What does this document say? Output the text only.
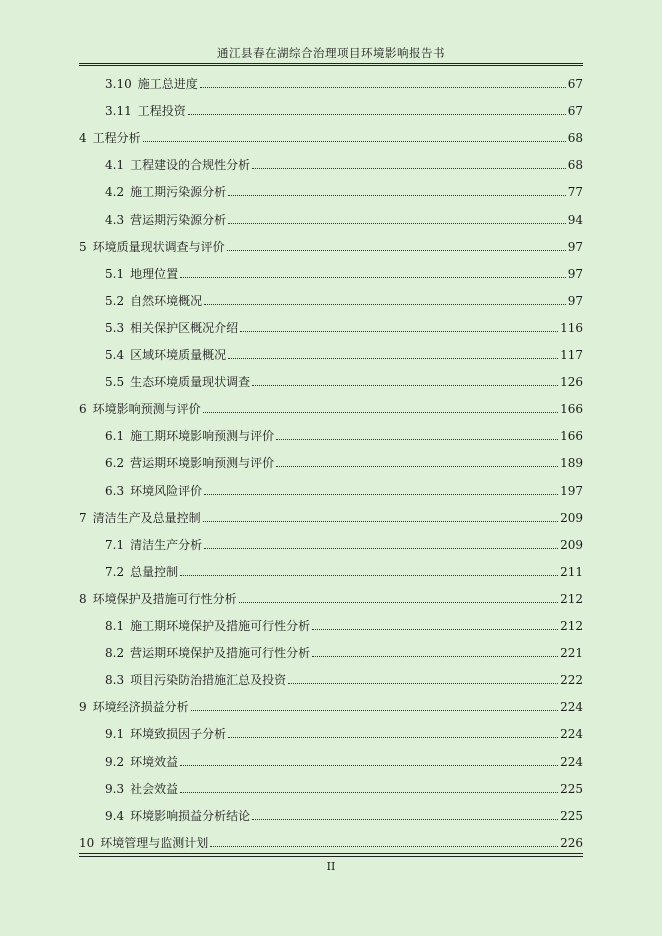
通江县春在湖综合治理项目环境影响报告书
3.10 施工总进度	67
3.11 工程投资	67
4 工程分析	68
4.1 工程建设的合规性分析	68
4.2 施工期污染源分析	77
4.3 营运期污染源分析	94
5 环境质量现状调查与评价	97
5.1 地理位置	97
5.2 自然环境概况	97
5.3 相关保护区概况介绍	116
5.4 区域环境质量概况	117
5.5 生态环境质量现状调查	126
6 环境影响预测与评价	166
6.1 施工期环境影响预测与评价	166
6.2 营运期环境影响预测与评价	189
6.3 环境风险评价	197
7 清洁生产及总量控制	209
7.1 清洁生产分析	209
7.2 总量控制	211
8 环境保护及措施可行性分析	212
8.1 施工期环境保护及措施可行性分析	212
8.2 营运期环境保护及措施可行性分析	221
8.3 项目污染防治措施汇总及投资	222
9 环境经济损益分析	224
9.1 环境致损因子分析	224
9.2 环境效益	224
9.3 社会效益	225
9.4 环境影响损益分析结论	225
10 环境管理与监测计划	226
II
